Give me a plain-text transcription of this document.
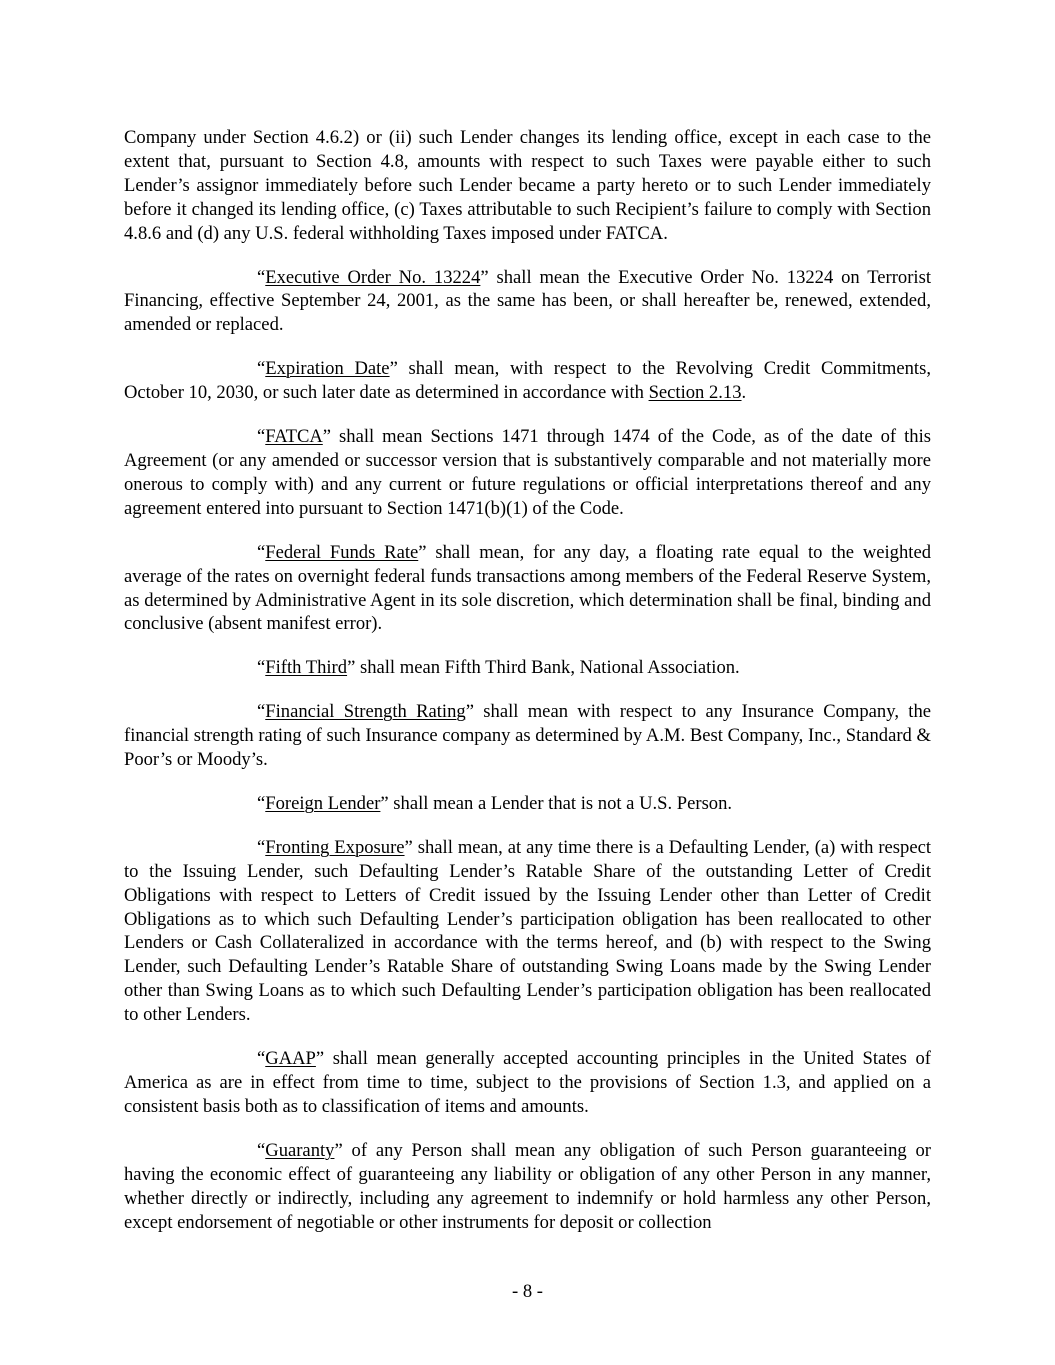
Company under Section 4.6.2) or (ii) such Lender changes its lending office, except in each case to the extent that, pursuant to Section 4.8, amounts with respect to such Taxes were payable either to such Lender’s assignor immediately before such Lender became a party hereto or to such Lender immediately before it changed its lending office, (c) Taxes attributable to such Recipient’s failure to comply with Section 4.8.6 and (d) any U.S. federal withholding Taxes imposed under FATCA.

“Executive Order No. 13224” shall mean the Executive Order No. 13224 on Terrorist Financing, effective September 24, 2001, as the same has been, or shall hereafter be, renewed, extended, amended or replaced.

“Expiration Date” shall mean, with respect to the Revolving Credit Commitments, October 10, 2030, or such later date as determined in accordance with Section 2.13.

“FATCA” shall mean Sections 1471 through 1474 of the Code, as of the date of this Agreement (or any amended or successor version that is substantively comparable and not materially more onerous to comply with) and any current or future regulations or official interpretations thereof and any agreement entered into pursuant to Section 1471(b)(1) of the Code.

“Federal Funds Rate” shall mean, for any day, a floating rate equal to the weighted average of the rates on overnight federal funds transactions among members of the Federal Reserve System, as determined by Administrative Agent in its sole discretion, which determination shall be final, binding and conclusive (absent manifest error).

“Fifth Third” shall mean Fifth Third Bank, National Association.

“Financial Strength Rating” shall mean with respect to any Insurance Company, the financial strength rating of such Insurance company as determined by A.M. Best Company, Inc., Standard & Poor’s or Moody’s.

“Foreign Lender” shall mean a Lender that is not a U.S. Person.

“Fronting Exposure” shall mean, at any time there is a Defaulting Lender, (a) with respect to the Issuing Lender, such Defaulting Lender’s Ratable Share of the outstanding Letter of Credit Obligations with respect to Letters of Credit issued by the Issuing Lender other than Letter of Credit Obligations as to which such Defaulting Lender’s participation obligation has been reallocated to other Lenders or Cash Collateralized in accordance with the terms hereof, and (b) with respect to the Swing Lender, such Defaulting Lender’s Ratable Share of outstanding Swing Loans made by the Swing Lender other than Swing Loans as to which such Defaulting Lender’s participation obligation has been reallocated to other Lenders.

“GAAP” shall mean generally accepted accounting principles in the United States of America as are in effect from time to time, subject to the provisions of Section 1.3, and applied on a consistent basis both as to classification of items and amounts.

“Guaranty” of any Person shall mean any obligation of such Person guaranteeing or having the economic effect of guaranteeing any liability or obligation of any other Person in any manner, whether directly or indirectly, including any agreement to indemnify or hold harmless any other Person, except endorsement of negotiable or other instruments for deposit or collection

- 8 -
